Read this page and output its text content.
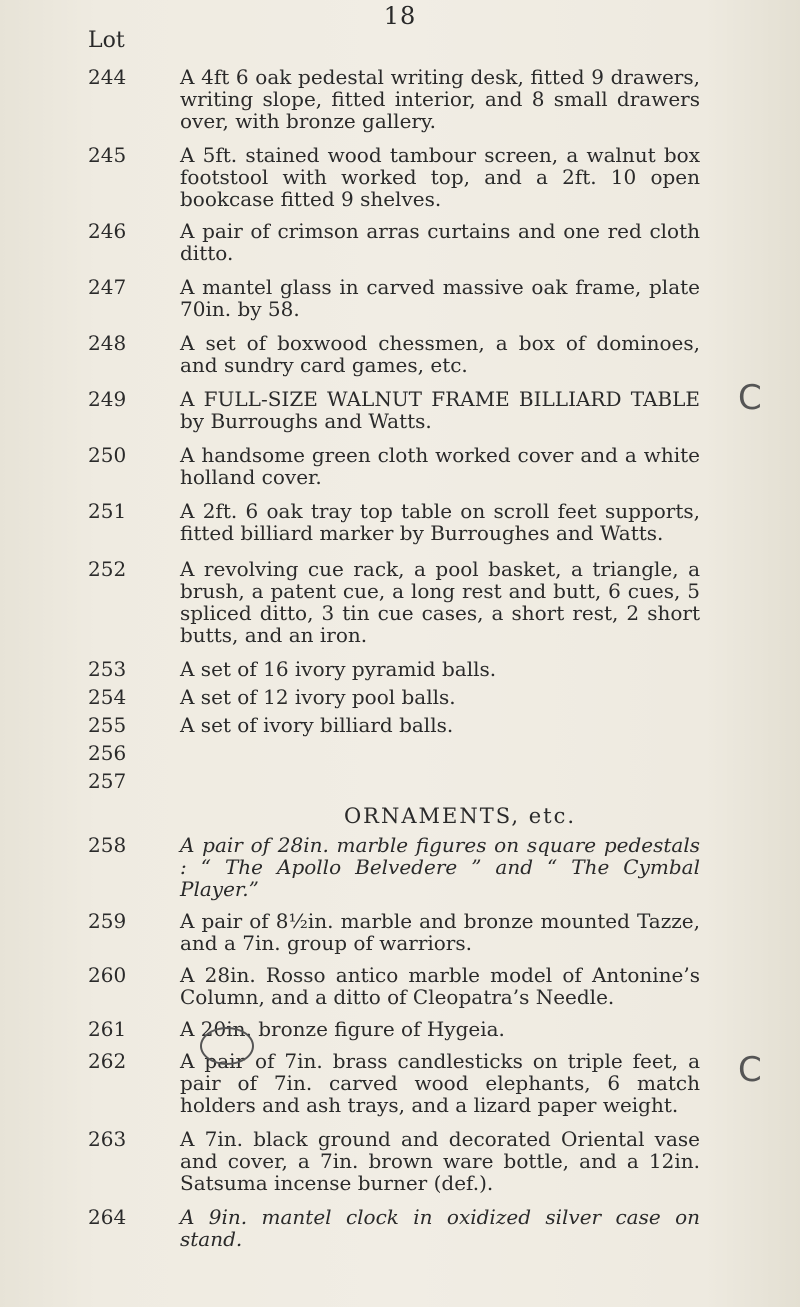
18
Lot
244	A 4ft 6 oak pedestal writing desk, fitted 9 drawers, writing slope, fitted interior, and 8 small drawers over, with bronze gallery.
245	A 5ft. stained wood tambour screen, a walnut box footstool with worked top, and a 2ft. 10 open bookcase fitted 9 shelves.
246	A pair of crimson arras curtains and one red cloth ditto.
247	A mantel glass in carved massive oak frame, plate 70in. by 58.
248	A set of boxwood chessmen, a box of dominoes, and sundry card games, etc.
249	A FULL-SIZE WALNUT FRAME BILLIARD TABLE by Burroughs and Watts.
250	A handsome green cloth worked cover and a white holland cover.
251	A 2ft. 6 oak tray top table on scroll feet supports, fitted billiard marker by Burroughes and Watts.
252	A revolving cue rack, a pool basket, a triangle, a brush, a patent cue, a long rest and butt, 6 cues, 5 spliced ditto, 3 tin cue cases, a short rest, 2 short butts, and an iron.
253	A set of 16 ivory pyramid balls.
254	A set of 12 ivory pool balls.
255	A set of ivory billiard balls.
256
257
ORNAMENTS, etc.
258	A pair of 28in. marble figures on square pedestals : “ The Apollo Belvedere ” and “ The Cymbal Player.”
259	A pair of 8½in. marble and bronze mounted Tazze, and a 7in. group of warriors.
260	A 28in. Rosso antico marble model of Antonine’s Column, and a ditto of Cleopatra’s Needle.
261	A 20in. bronze figure of Hygeia.
262	A pair of 7in. brass candlesticks on triple feet, a pair of 7in. carved wood elephants, 6 match holders and ash trays, and a lizard paper weight.
263	A 7in. black ground and decorated Oriental vase and cover, a 7in. brown ware bottle, and a 12in. Satsuma incense burner (def.).
264	A 9in. mantel clock in oxidized silver case on stand.
C
C
